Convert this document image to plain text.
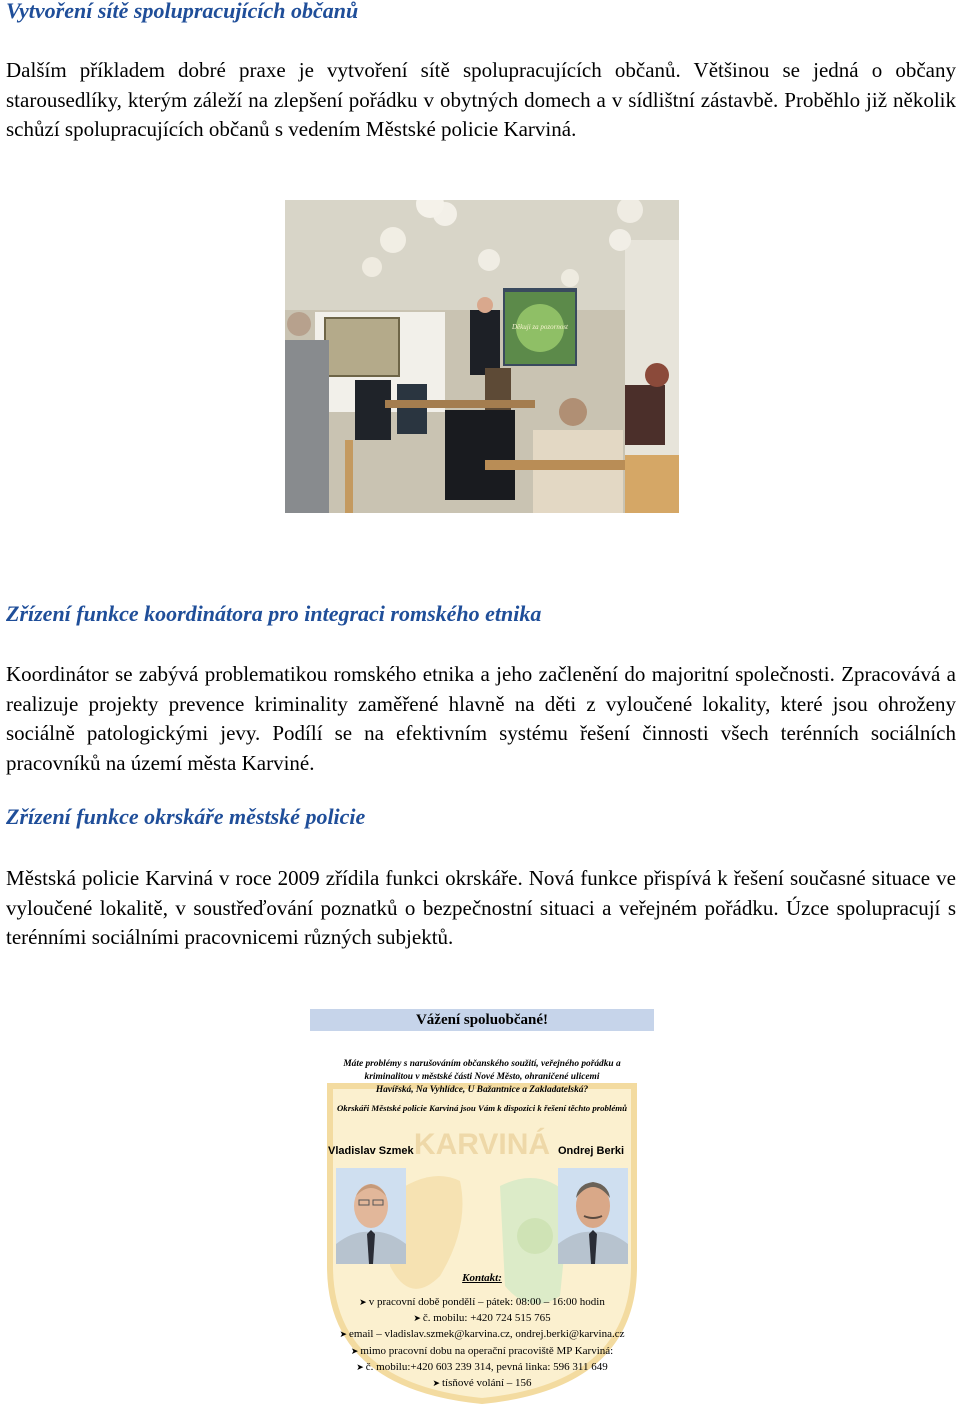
Vytvoření sítě spolupracujících občanů

Dalším příkladem dobré praxe je vytvoření sítě spolupracujících občanů. Většinou se jedná o občany starousedlíky, kterým záleží na zlepšení pořádku v obytných domech a v sídlištní zástavbě. Proběhlo již několik schůzí spolupracujících občanů s vedením Městské policie Karviná.

Děkuji za pozornost
Zřízení funkce koordinátora pro integraci romského etnika

Koordinátor se zabývá problematikou romského etnika a jeho začlenění do majoritní společnosti. Zpracovává a realizuje projekty prevence kriminality zaměřené hlavně na děti z vyloučené lokality, které jsou ohroženy sociálně patologickými jevy. Podílí se na efektivním systému řešení činnosti všech terénních sociálních pracovníků na území města Karviné.

Zřízení funkce okrskáře městské policie

Městská policie Karviná v roce 2009 zřídila funkci okrskáře. Nová funkce přispívá k řešení současné situace ve vyloučené lokalitě, v soustřeďování poznatků o bezpečnostní situaci a veřejném pořádku. Úzce spolupracují s terénními sociálními pracovnicemi různých subjektů.

KARVINÁ
Vážení spoluobčané!
Máte problémy s narušováním občanského soužití, veřejného pořádku a
kriminalitou v městské části Nové Město, ohraničené ulicemi
Havířská, Na Vyhlídce, U Bažantnice a Zakladatelská?
Okrskáři Městské policie Karviná jsou Vám k dispozici k řešení těchto problémů
Vladislav Szmek	Ondrej Berki
Kontakt:
➤ v pracovní době pondělí – pátek: 08:00 – 16:00 hodin
➤ č. mobilu: +420 724 515 765
➤ email – vladislav.szmek@karvina.cz, ondrej.berki@karvina.cz
➤ mimo pracovní dobu na operační pracoviště MP Karviná:
➤ č. mobilu:+420 603 239 314, pevná linka: 596 311 649
➤ tísňové volání – 156
